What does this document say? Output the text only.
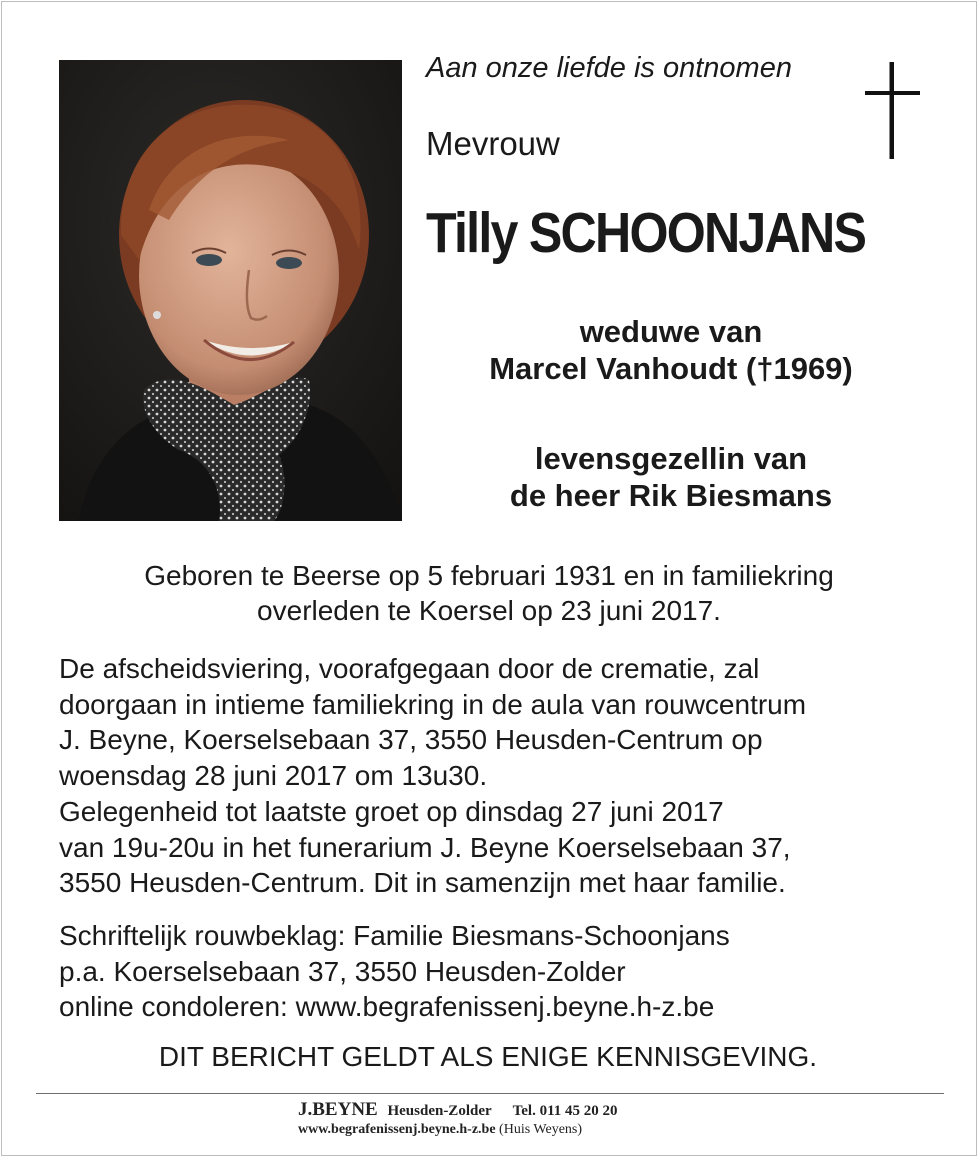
Aan onze liefde is ontnomen
Mevrouw
Tilly SCHOONJANS
weduwe van
Marcel Vanhoudt (†1969)
levensgezellin van
de heer Rik Biesmans
Geboren te Beerse op 5 februari 1931 en in familiekring
overleden te Koersel op 23 juni 2017.
De afscheidsviering, voorafgegaan door de crematie, zal
doorgaan in intieme familiekring in de aula van rouwcentrum
J. Beyne, Koerselsebaan 37, 3550 Heusden-Centrum op
woensdag 28 juni 2017 om 13u30.
Gelegenheid tot laatste groet op dinsdag 27 juni 2017
van 19u-20u in het funerarium J. Beyne Koerselsebaan 37,
3550 Heusden-Centrum. Dit in samenzijn met haar familie.
Schriftelijk rouwbeklag: Familie Biesmans-Schoonjans
p.a. Koerselsebaan 37, 3550 Heusden-Zolder
online condoleren: www.begrafenissenj.beyne.h-z.be
DIT BERICHT GELDT ALS ENIGE KENNISGEVING.
J.BEYNE Heusden-Zolder Tel. 011 45 20 20
www.begrafenissenj.beyne.h-z.be (Huis Weyens)
